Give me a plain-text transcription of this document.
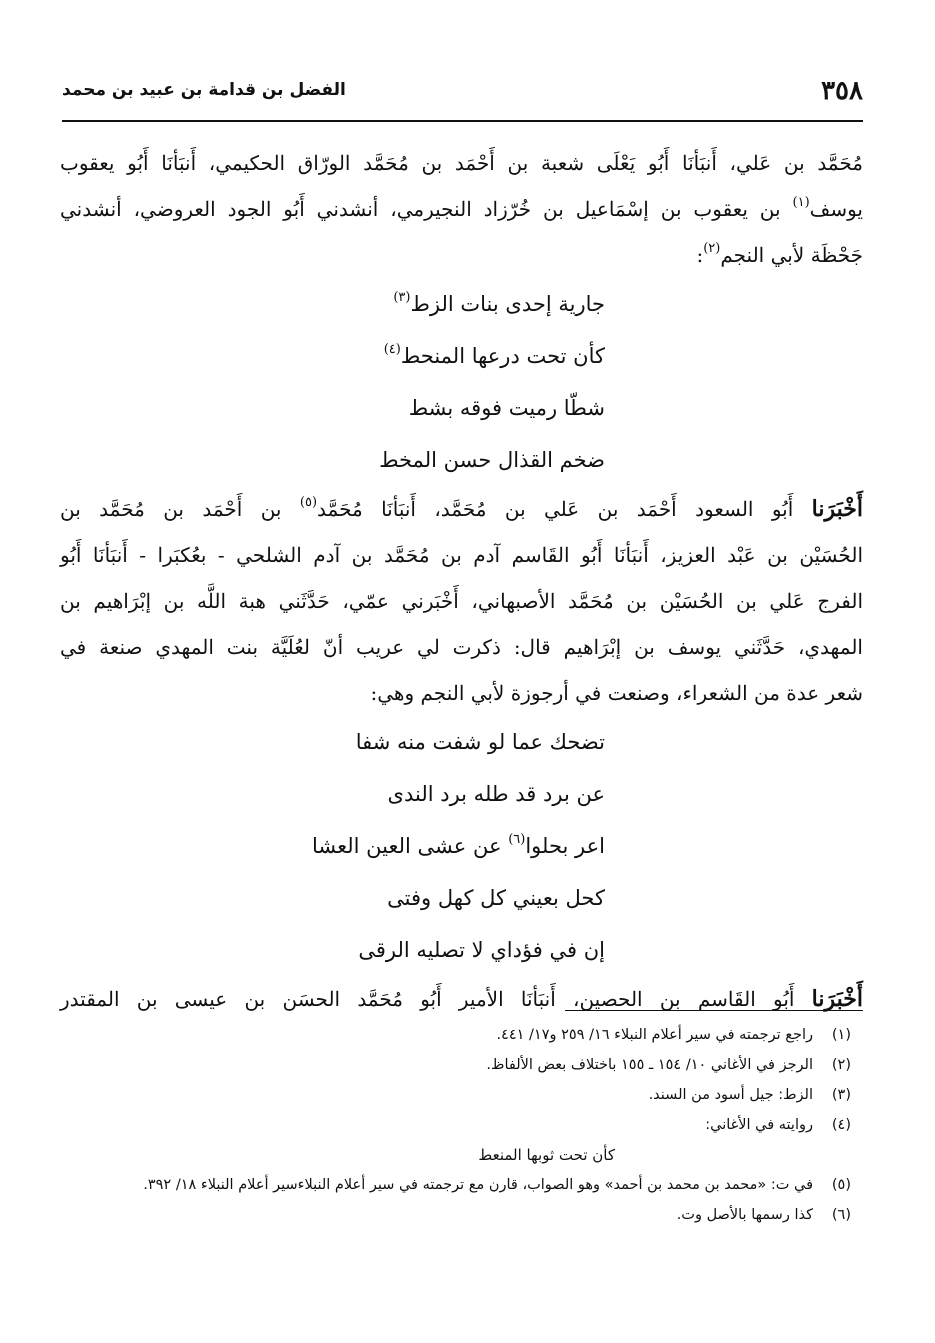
٣٥٨
الفضل بن قدامة بن عبيد بن محمد

مُحَمَّد بن عَلي، أَنبَأنَا أَبُو يَعْلَى شعبة بن أَحْمَد بن مُحَمَّد الورّاق الحكيمي، أَنبَأنَا أَبُو يعقوب
يوسف$^{(١)}$ بن يعقوب بن إسْمَاعيل بن خُرّزاد النجيرمي، أنشدني أَبُو الجود العروضي، أنشدني
جَحْظَة لأبي النجم$^{(٢)}$:

جارية إحدى بنات الزط$^{(٣)}$
كأن تحت درعها المنحط$^{(٤)}$
شطّا رميت فوقه بشط
ضخم القذال حسن المخط

أَخْبَرَنا أَبُو السعود أَحْمَد بن عَلي بن مُحَمَّد، أَنبَأنَا مُحَمَّد$^{(٥)}$ بن أَحْمَد بن مُحَمَّد بن
الحُسَيْن بن عَبْد العزيز، أَنبَأنَا أَبُو القَاسم آدم بن مُحَمَّد بن آدم الشلحي - بعُكبَرا - أَنبَأنَا أَبُو
الفرج عَلي بن الحُسَيْن بن مُحَمَّد الأصبهاني، أَخْبَرني عمّي، حَدَّثَني هبة اللَّه بن إبْرَاهيم بن
المهدي، حَدَّثَني يوسف بن إبْرَاهيم قال: ذكرت لي عريب أنّ لعُلَيَّة بنت المهدي صنعة في
شعر عدة من الشعراء، وصنعت في أرجوزة لأبي النجم وهي:

تضحك عما لو شفت منه شفا
عن برد قد طله برد الندى
اعر بحلوا$^{(٦)}$ عن عشى العين العشا
كحل بعيني كل كهل وفتى
إن في فؤداي لا تصليه الرقى

أَخْبَرَنا أَبُو القَاسم بن الحصين، أَنبَأنَا الأمير أَبُو مُحَمَّد الحسَن بن عيسى بن المقتدر

(١)
راجع ترجمته في سير أعلام النبلاء ١٦/ ٢٥٩ و١٧/ ٤٤١.
(٢)
الرجز في الأغاني ١٠/ ١٥٤ ـ ١٥٥ باختلاف بعض الألفاظ.
(٣)
الزط: جيل أسود من السند.
(٤)
روايته في الأغاني:
كأن تحت ثوبها المنعط
(٥)
في ت: «محمد بن محمد بن أحمد» وهو الصواب، قارن مع ترجمته في سير أعلام النبلاءسير أعلام النبلاء ١٨/ ٣٩٢.
(٦)
كذا رسمها بالأصل وت.
